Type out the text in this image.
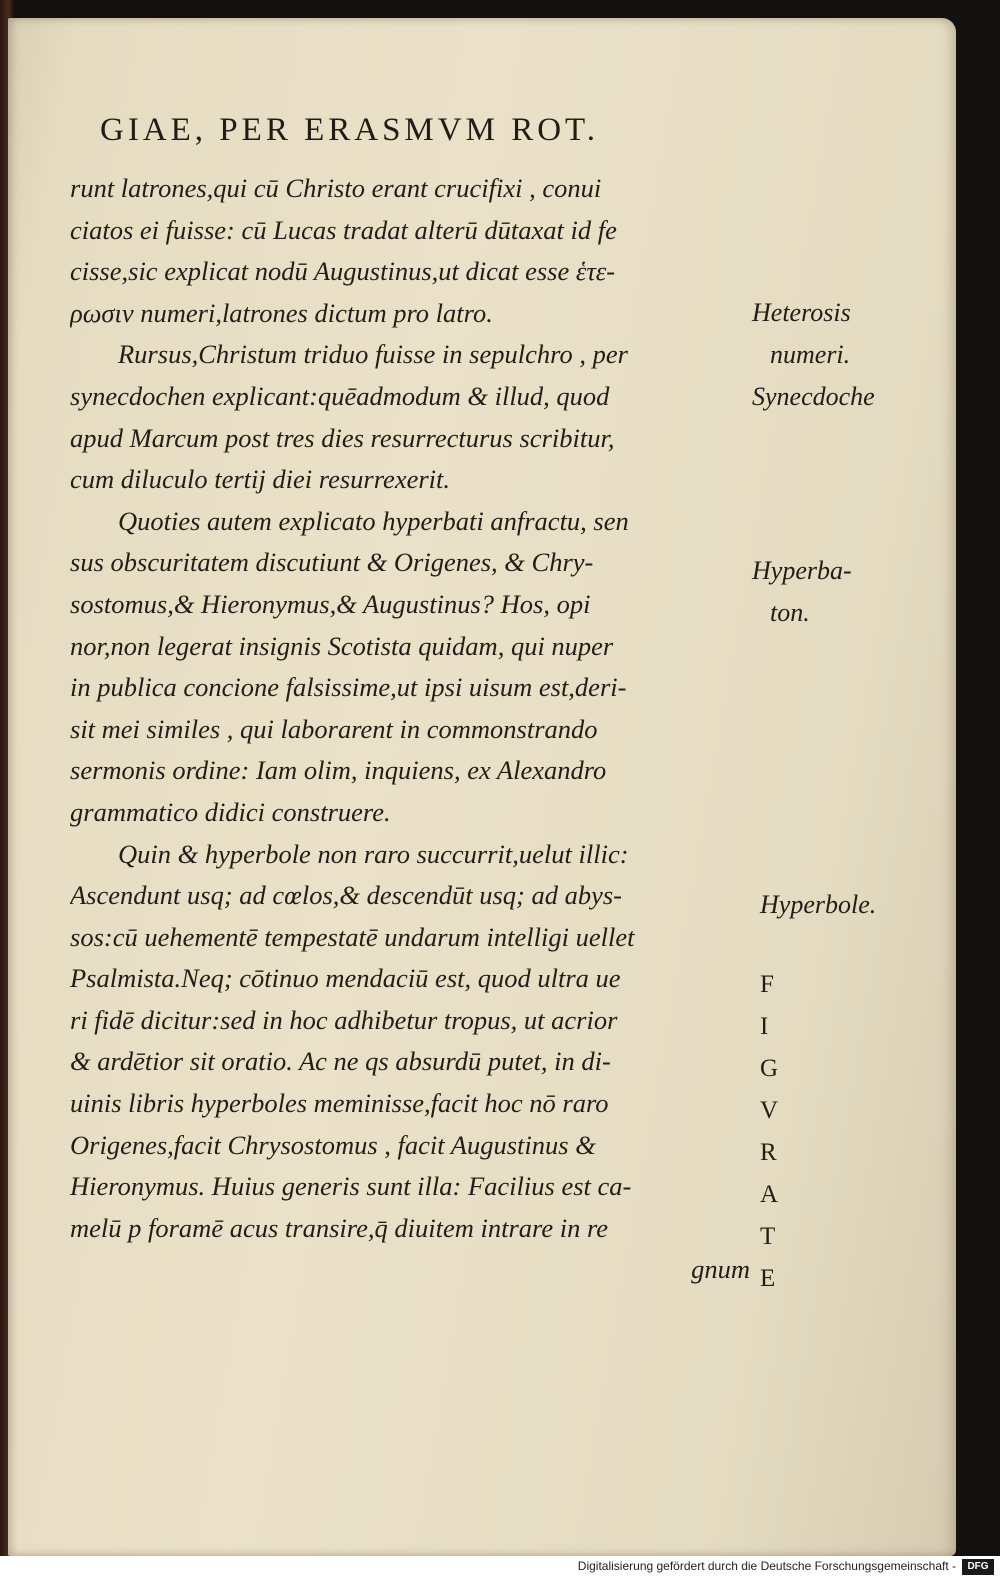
GIAE, PER ERASMVM ROT.
runt latrones,qui cū Christo erant crucifixi , conui
ciatos ei fuisse: cū Lucas tradat alterū dūtaxat id fe
cisse,sic explicat nodū Augustinus,ut dicat esse ἑτε-
ρωσιν numeri,latrones dictum pro latro.
Rursus,Christum triduo fuisse in sepulchro , per
synecdochen explicant:quēadmodum & illud, quod
apud Marcum post tres dies resurrecturus scribitur,
cum diluculo tertij diei resurrexerit.
Quoties autem explicato hyperbati anfractu, sen
sus obscuritatem discutiunt & Origenes, & Chry-
sostomus,& Hieronymus,& Augustinus? Hos, opi
nor,non legerat insignis Scotista quidam, qui nuper
in publica concione falsissime,ut ipsi uisum est,deri-
sit mei similes , qui laborarent in commonstrando
sermonis ordine: Iam olim, inquiens, ex Alexandro
grammatico didici construere.
Quin & hyperbole non raro succurrit,uelut illic:
Ascendunt usq; ad cœlos,& descendūt usq; ad abys-
sos:cū uehementē tempestatē undarum intelligi uellet
Psalmista.Neq; cōtinuo mendaciū est, quod ultra ue
ri fidē dicitur:sed in hoc adhibetur tropus, ut acrior
& ardētior sit oratio. Ac ne qs absurdū putet, in di-
uinis libris hyperboles meminisse,facit hoc nō raro
Origenes,facit Chrysostomus , facit Augustinus &
Hieronymus. Huius generis sunt illa: Facilius est ca-
melū p foramē acus transire,q̄ diuitem intrare in re
gnum
Heterosis
numeri.
Synecdoche
Hyperba-
ton.
Hyperbole.
F
I
G
V
R
A
T
E
Digitalisierung gefördert durch die Deutsche Forschungsgemeinschaft -	DFG
